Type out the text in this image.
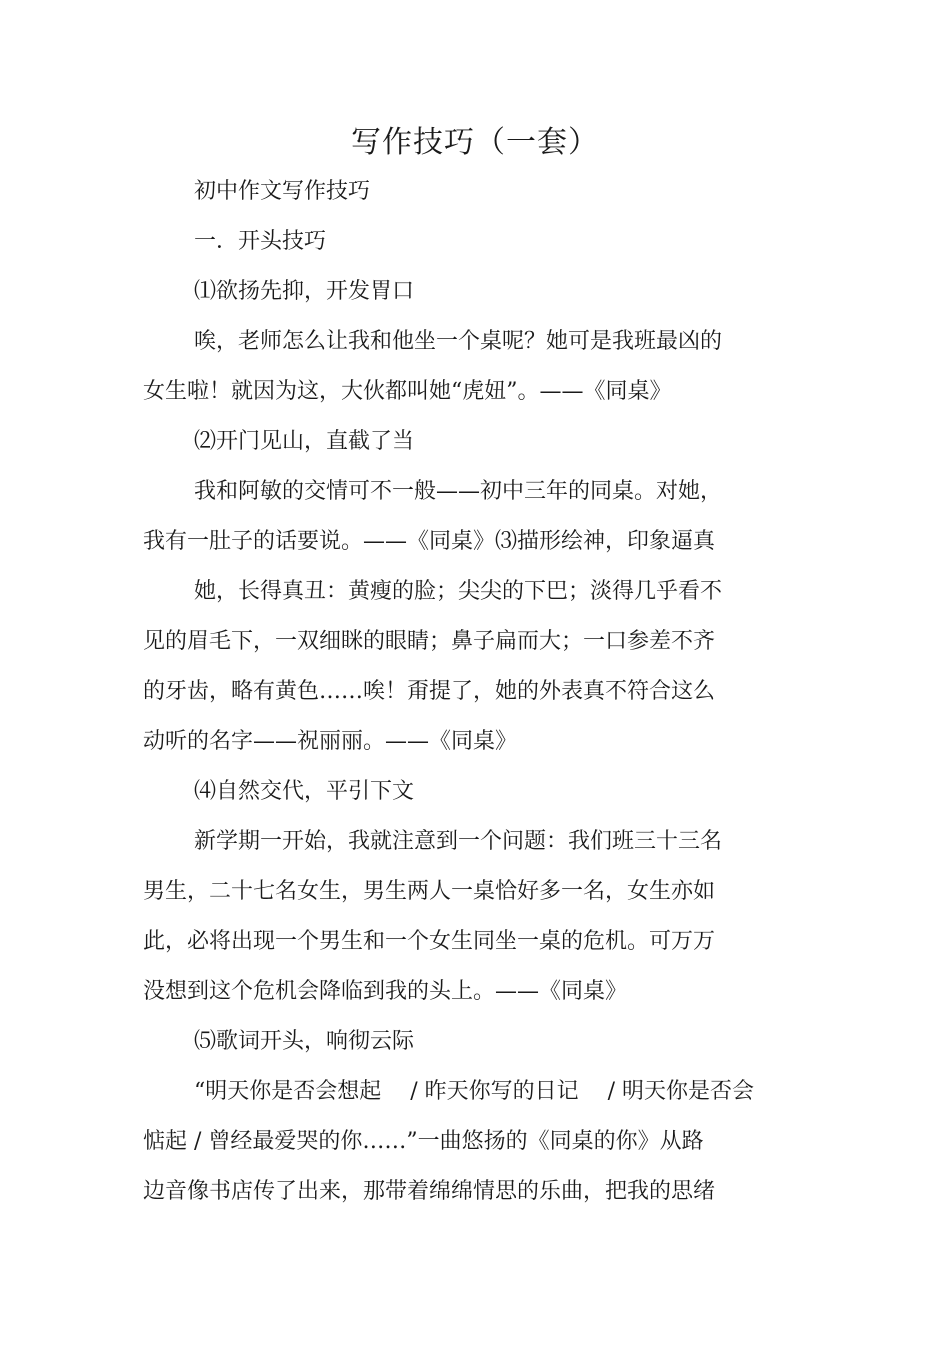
写作技巧（一套）
初中作文写作技巧
一．开头技巧
⑴欲扬先抑，开发胃口
唉，老师怎么让我和他坐一个桌呢？她可是我班最凶的
女生啦！就因为这，大伙都叫她“虎妞”。——《同桌》
⑵开门见山，直截了当
我和阿敏的交情可不一般——初中三年的同桌。对她，
我有一肚子的话要说。——《同桌》⑶描形绘神，印象逼真
她，长得真丑：黄瘦的脸；尖尖的下巴；淡得几乎看不
见的眉毛下，一双细眯的眼睛；鼻子扁而大；一口参差不齐
的牙齿，略有黄色……唉！甭提了，她的外表真不符合这么
动听的名字——祝丽丽。——《同桌》
⑷自然交代，平引下文
新学期一开始，我就注意到一个问题：我们班三十三名
男生，二十七名女生，男生两人一桌恰好多一名，女生亦如
此，必将出现一个男生和一个女生同坐一桌的危机。可万万
没想到这个危机会降临到我的头上。——《同桌》
⑸歌词开头，响彻云际
“明天你是否会想起　 / 昨天你写的日记　 / 明天你是否会
惦起 / 曾经最爱哭的你……”一曲悠扬的《同桌的你》从路
边音像书店传了出来，那带着绵绵情思的乐曲，把我的思绪
